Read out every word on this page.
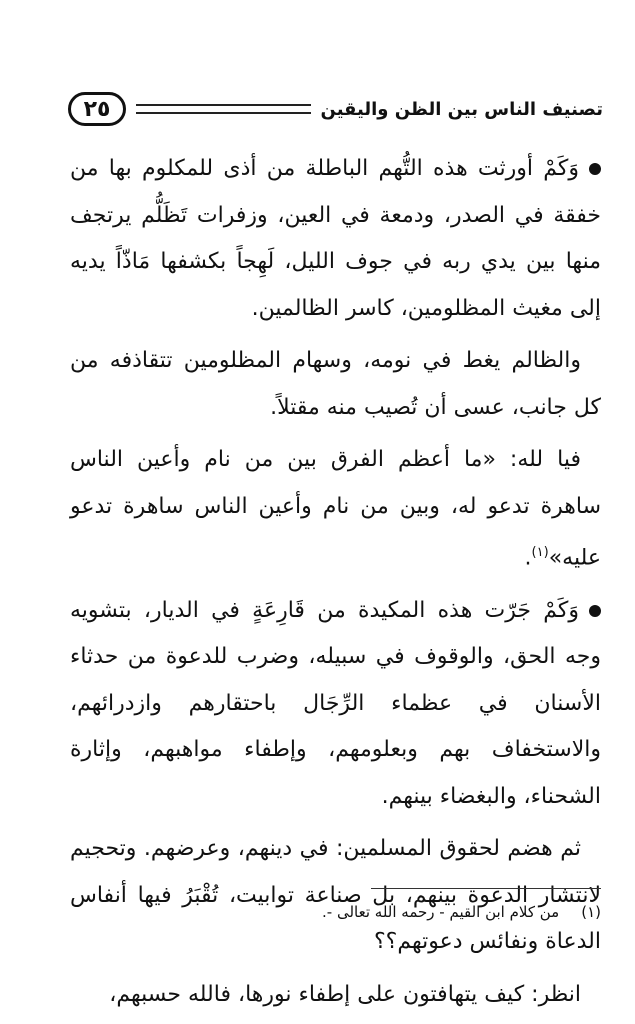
٢٥	تصنيف الناس بين الظن واليقين

وَكَمْ أورثت هذه التُّهم الباطلة من أذى للمكلوم بها من خفقة في الصدر، ودمعة في العين، وزفرات تَظَلُّم يرتجف منها بين يدي ربه في جوف الليل، لَهِجاً بكشفها مَاذّاً يديه إلى مغيث المظلومين، كاسر الظالمين.

والظالم يغط في نومه، وسهام المظلومين تتقاذفه من كل جانب، عسى أن تُصيب منه مقتلاً.

فيا لله: «ما أعظم الفرق بين من نام وأعين الناس ساهرة تدعو له، وبين من نام وأعين الناس ساهرة تدعو عليه»$^{(١)}$.

وَكَمْ جَرّت هذه المكيدة من قَارِعَةٍ في الديار، بتشويه وجه الحق، والوقوف في سبيله، وضرب للدعوة من حدثاء الأسنان في عظماء الرِّجَال باحتقارهم وازدرائهم، والاستخفاف بهم وبعلومهم، وإطفاء مواهبهم، وإثارة الشحناء، والبغضاء بينهم.

ثم هضم لحقوق المسلمين: في دينهم، وعرضهم. وتحجيم لانتشار الدعوة بينهم، بل صناعة توابيت، تُقْبَرُ فيها أنفاس الدعاة ونفائس دعوتهم؟؟

انظر: كيف يتهافتون على إطفاء نورها، فالله حسبهم،

(١)من كلام ابن القيم - رحمه الله تعالى -.
